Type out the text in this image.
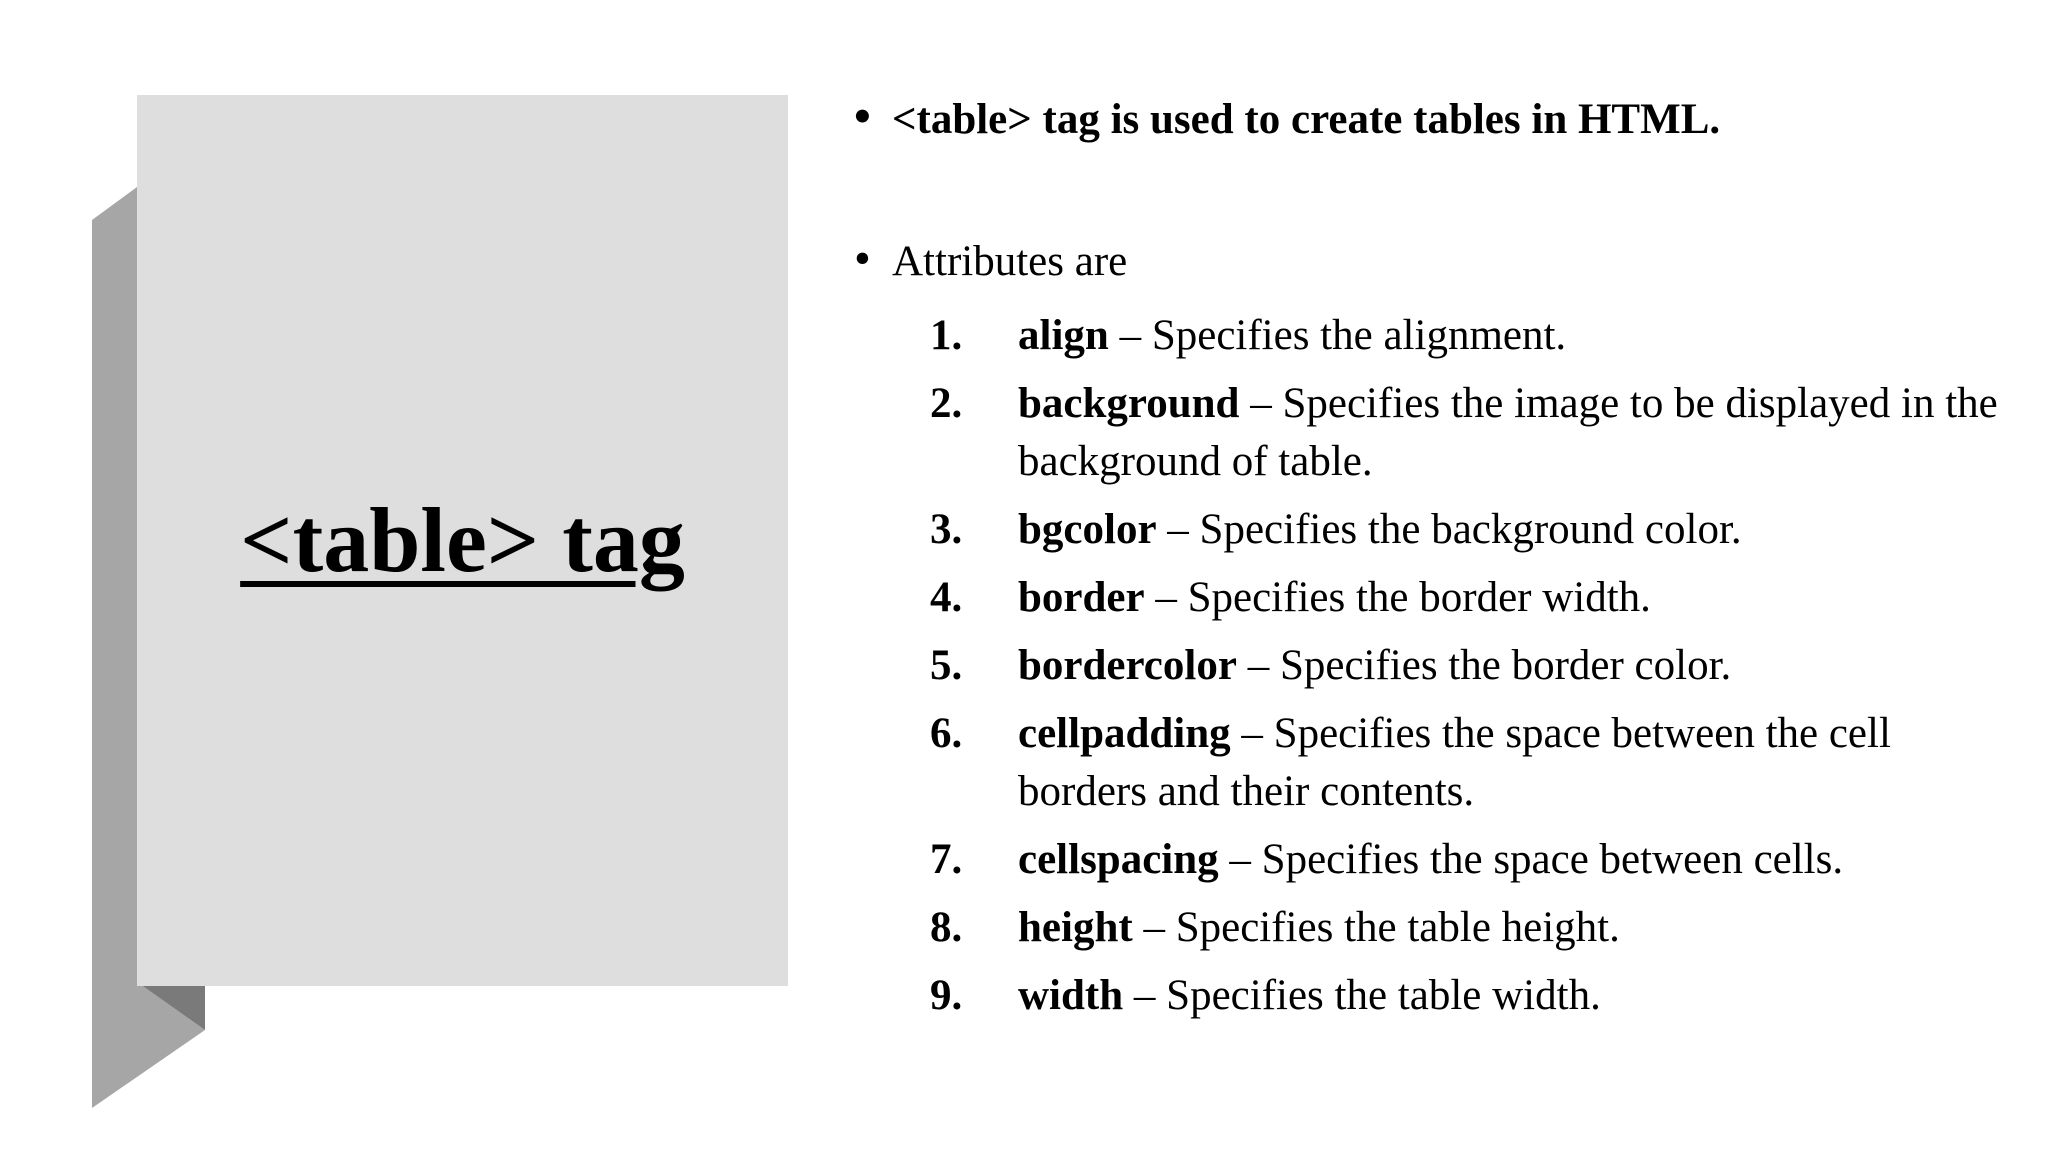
<table> tag
• <table> tag is used to create tables in HTML.
• Attributes are
1. align – Specifies the alignment.
2. background – Specifies the image to be displayed in the background of table.
3. bgcolor – Specifies the background color.
4. border – Specifies the border width.
5. bordercolor – Specifies the border color.
6. cellpadding – Specifies the space between the cell borders and their contents.
7. cellspacing – Specifies the space between cells.
8. height – Specifies the table height.
9. width – Specifies the table width.
